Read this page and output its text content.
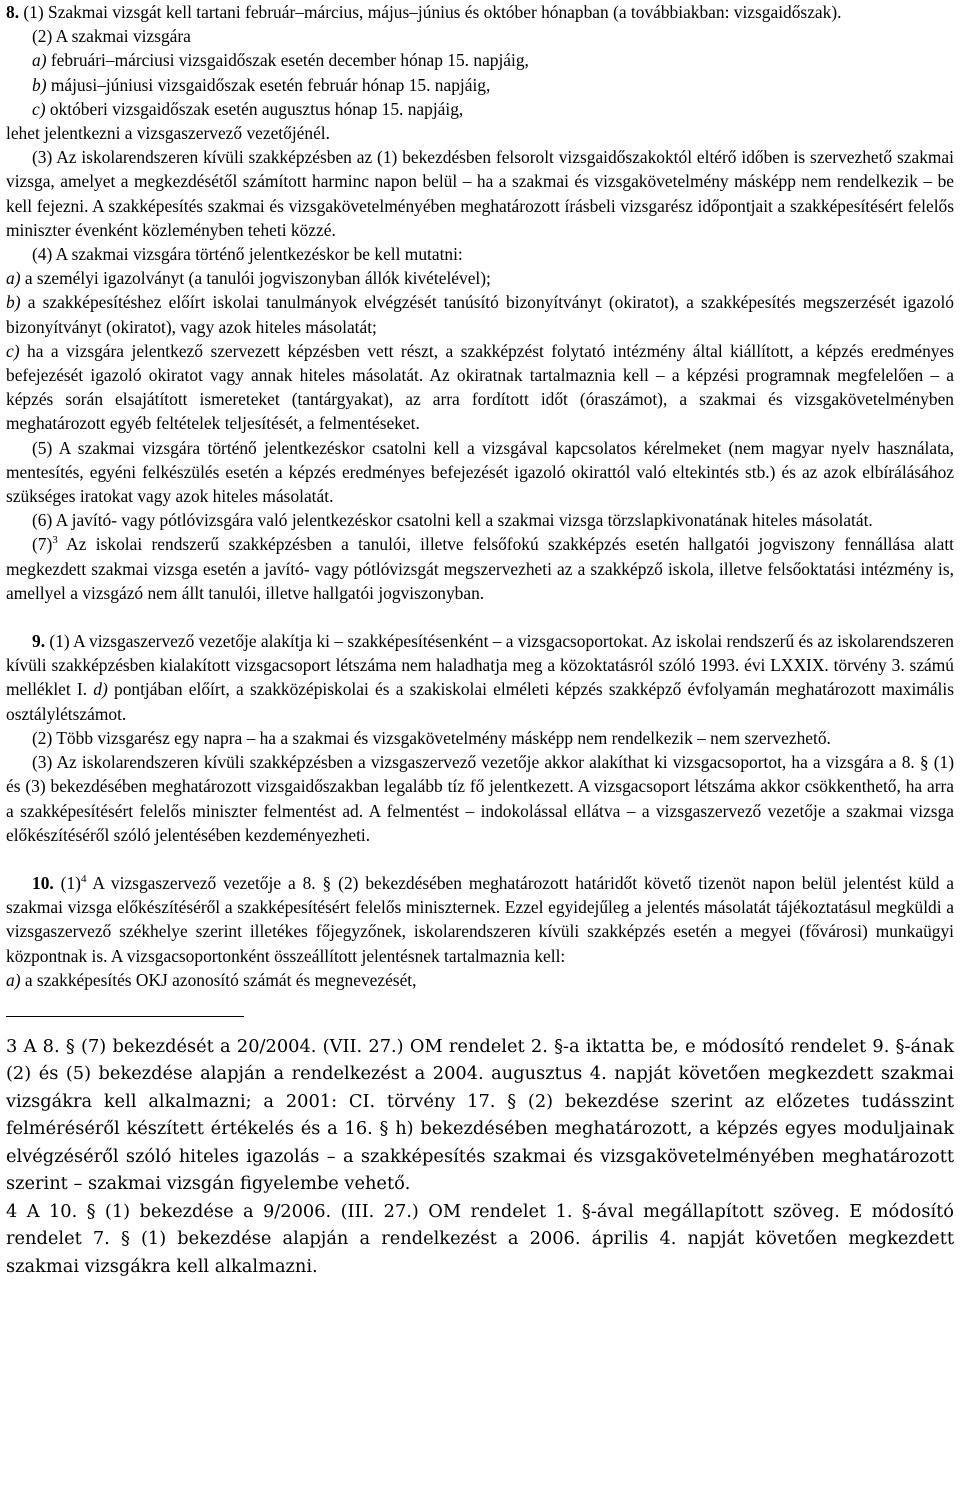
8. (1) Szakmai vizsgát kell tartani február–március, május–június és október hónapban (a továbbiakban: vizsgaidőszak).

(2) A szakmai vizsgára

a) februári–márciusi vizsgaidőszak esetén december hónap 15. napjáig,

b) májusi–júniusi vizsgaidőszak esetén február hónap 15. napjáig,

c) októberi vizsgaidőszak esetén augusztus hónap 15. napjáig,

lehet jelentkezni a vizsgaszervező vezetőjénél.

(3) Az iskolarendszeren kívüli szakképzésben az (1) bekezdésben felsorolt vizsgaidőszakoktól eltérő időben is szervezhető szakmai vizsga, amelyet a megkezdésétől számított harminc napon belül – ha a szakmai és vizsgakövetelmény másképp nem rendelkezik – be kell fejezni. A szakképesítés szakmai és vizsgakövetelményében meghatározott írásbeli vizsgarész időpontjait a szakképesítésért felelős miniszter évenként közleményben teheti közzé.

(4) A szakmai vizsgára történő jelentkezéskor be kell mutatni:

a) a személyi igazolványt (a tanulói jogviszonyban állók kivételével);

b) a szakképesítéshez előírt iskolai tanulmányok elvégzését tanúsító bizonyítványt (okiratot), a szakképesítés megszerzését igazoló bizonyítványt (okiratot), vagy azok hiteles másolatát;

c) ha a vizsgára jelentkező szervezett képzésben vett részt, a szakképzést folytató intézmény által kiállított, a képzés eredményes befejezését igazoló okiratot vagy annak hiteles másolatát. Az okiratnak tartalmaznia kell – a képzési programnak megfelelően – a képzés során elsajátított ismereteket (tantárgyakat), az arra fordított időt (óraszámot), a szakmai és vizsgakövetelményben meghatározott egyéb feltételek teljesítését, a felmentéseket.

(5) A szakmai vizsgára történő jelentkezéskor csatolni kell a vizsgával kapcsolatos kérelmeket (nem magyar nyelv használata, mentesítés, egyéni felkészülés esetén a képzés eredményes befejezését igazoló okirattól való eltekintés stb.) és az azok elbírálásához szükséges iratokat vagy azok hiteles másolatát.

(6) A javító- vagy pótlóvizsgára való jelentkezéskor csatolni kell a szakmai vizsga törzslapkivonatának hiteles másolatát.

$(7)^3$ Az iskolai rendszerű szakképzésben a tanulói, illetve felsőfokú szakképzés esetén hallgatói jogviszony fennállása alatt megkezdett szakmai vizsga esetén a javító- vagy pótlóvizsgát megszervezheti az a szakképző iskola, illetve felsőoktatási intézmény is, amellyel a vizsgázó nem állt tanulói, illetve hallgatói jogviszonyban.

9. (1) A vizsgaszervező vezetője alakítja ki – szakképesítésenként – a vizsgacsoportokat. Az iskolai rendszerű és az iskolarendszeren kívüli szakképzésben kialakított vizsgacsoport létszáma nem haladhatja meg a közoktatásról szóló 1993. évi LXXIX. törvény 3. számú melléklet I. d) pontjában előírt, a szakközépiskolai és a szakiskolai elméleti képzés szakképző évfolyamán meghatározott maximális osztálylétszámot.

(2) Több vizsgarész egy napra – ha a szakmai és vizsgakövetelmény másképp nem rendelkezik – nem szervezhető.

(3) Az iskolarendszeren kívüli szakképzésben a vizsgaszervező vezetője akkor alakíthat ki vizsgacsoportot, ha a vizsgára a 8. § (1) és (3) bekezdésében meghatározott vizsgaidőszakban legalább tíz fő jelentkezett. A vizsgacsoport létszáma akkor csökkenthető, ha arra a szakképesítésért felelős miniszter felmentést ad. A felmentést – indokolással ellátva – a vizsgaszervező vezetője a szakmai vizsga előkészítéséről szóló jelentésében kezdeményezheti.

10. $(1)^4$ A vizsgaszervező vezetője a 8. § (2) bekezdésében meghatározott határidőt követő tizenöt napon belül jelentést küld a szakmai vizsga előkészítéséről a szakképesítésért felelős miniszternek. Ezzel egyidejűleg a jelentés másolatát tájékoztatásul megküldi a vizsgaszervező székhelye szerint illetékes főjegyzőnek, iskolarendszeren kívüli szakképzés esetén a megyei (fővárosi) munkaügyi központnak is. A vizsgacsoportonként összeállított jelentésnek tartalmaznia kell:

a) a szakképesítés OKJ azonosító számát és megnevezését,

3 A 8. § (7) bekezdését a 20/2004. (VII. 27.) OM rendelet 2. §-a iktatta be, e módosító rendelet 9. §-ának (2) és (5) bekezdése alapján a rendelkezést a 2004. augusztus 4. napját követően megkezdett szakmai vizsgákra kell alkalmazni; a 2001: CI. törvény 17. § (2) bekezdése szerint az előzetes tudásszint felméréséről készített értékelés és a 16. § h) bekezdésében meghatározott, a képzés egyes moduljainak elvégzéséről szóló hiteles igazolás – a szakképesítés szakmai és vizsgakövetelményében meghatározott szerint – szakmai vizsgán figyelembe vehető.

4 A 10. § (1) bekezdése a 9/2006. (III. 27.) OM rendelet 1. §-ával megállapított szöveg. E módosító rendelet 7. § (1) bekezdése alapján a rendelkezést a 2006. április 4. napját követően megkezdett szakmai vizsgákra kell alkalmazni.
